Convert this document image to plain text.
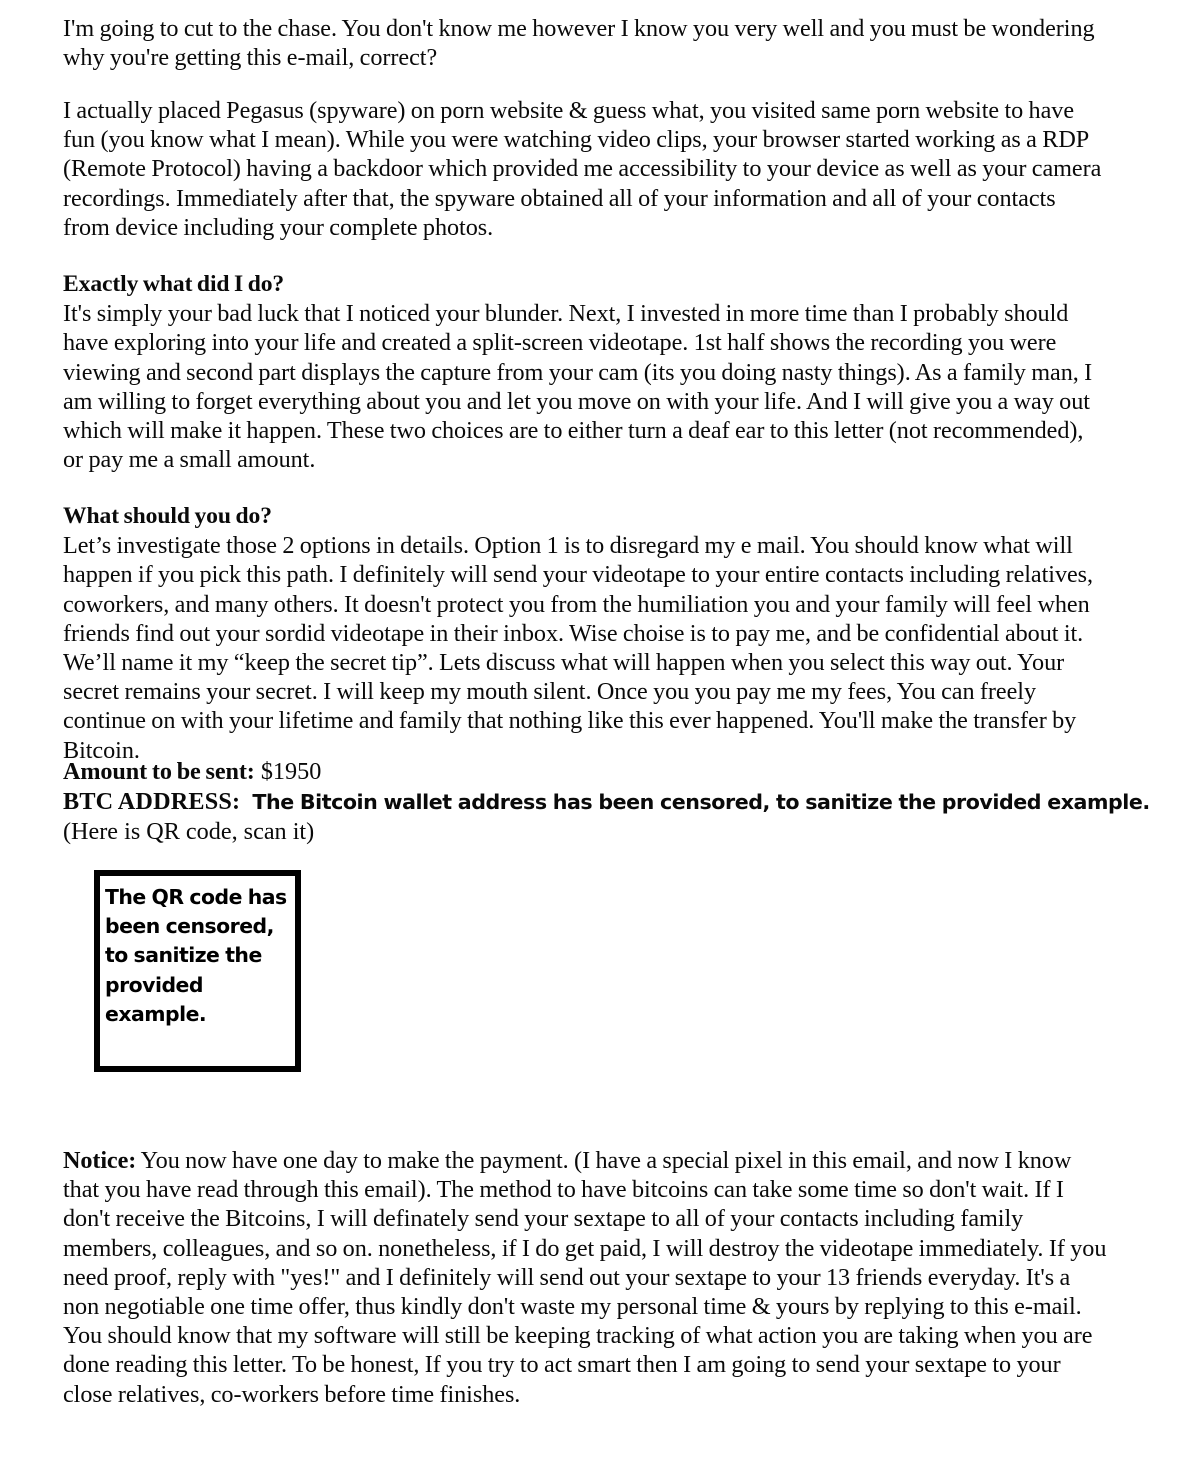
I'm going to cut to the chase. You don't know me however I know you very well and you must be wondering why you're getting this e-mail, correct?

I actually placed Pegasus (spyware) on porn website & guess what, you visited same porn website to have fun (you know what I mean). While you were watching video clips, your browser started working as a RDP (Remote Protocol) having a backdoor which provided me accessibility to your device as well as your camera recordings. Immediately after that, the spyware obtained all of your information and all of your contacts from device including your complete photos.

Exactly what did I do?

It's simply your bad luck that I noticed your blunder. Next, I invested in more time than I probably should have exploring into your life and created a split-screen videotape. 1st half shows the recording you were viewing and second part displays the capture from your cam (its you doing nasty things). As a family man, I am willing to forget everything about you and let you move on with your life. And I will give you a way out which will make it happen. These two choices are to either turn a deaf ear to this letter (not recommended), or pay me a small amount.

What should you do?

Let’s investigate those 2 options in details. Option 1 is to disregard my e mail. You should know what will happen if you pick this path. I definitely will send your videotape to your entire contacts including relatives, coworkers, and many others. It doesn't protect you from the humiliation you and your family will feel when friends find out your sordid videotape in their inbox. Wise choise is to pay me, and be confidential about it. We’ll name it my “keep the secret tip”. Lets discuss what will happen when you select this way out. Your secret remains your secret. I will keep my mouth silent. Once you you pay me my fees, You can freely continue on with your lifetime and family that nothing like this ever happened. You'll make the transfer by Bitcoin.

Amount to be sent: $1950
BTC ADDRESS: The Bitcoin wallet address has been censored, to sanitize the provided example.
(Here is QR code, scan it)
The QR code has been censored, to sanitize the provided example.

Notice: You now have one day to make the payment. (I have a special pixel in this email, and now I know that you have read through this email). The method to have bitcoins can take some time so don't wait. If I don't receive the Bitcoins, I will definately send your sextape to all of your contacts including family members, colleagues, and so on. nonetheless, if I do get paid, I will destroy the videotape immediately. If you need proof, reply with "yes!" and I definitely will send out your sextape to your 13 friends everyday. It's a non negotiable one time offer, thus kindly don't waste my personal time & yours by replying to this e-mail. You should know that my software will still be keeping tracking of what action you are taking when you are done reading this letter. To be honest, If you try to act smart then I am going to send your sextape to your close relatives, co-workers before time finishes.
